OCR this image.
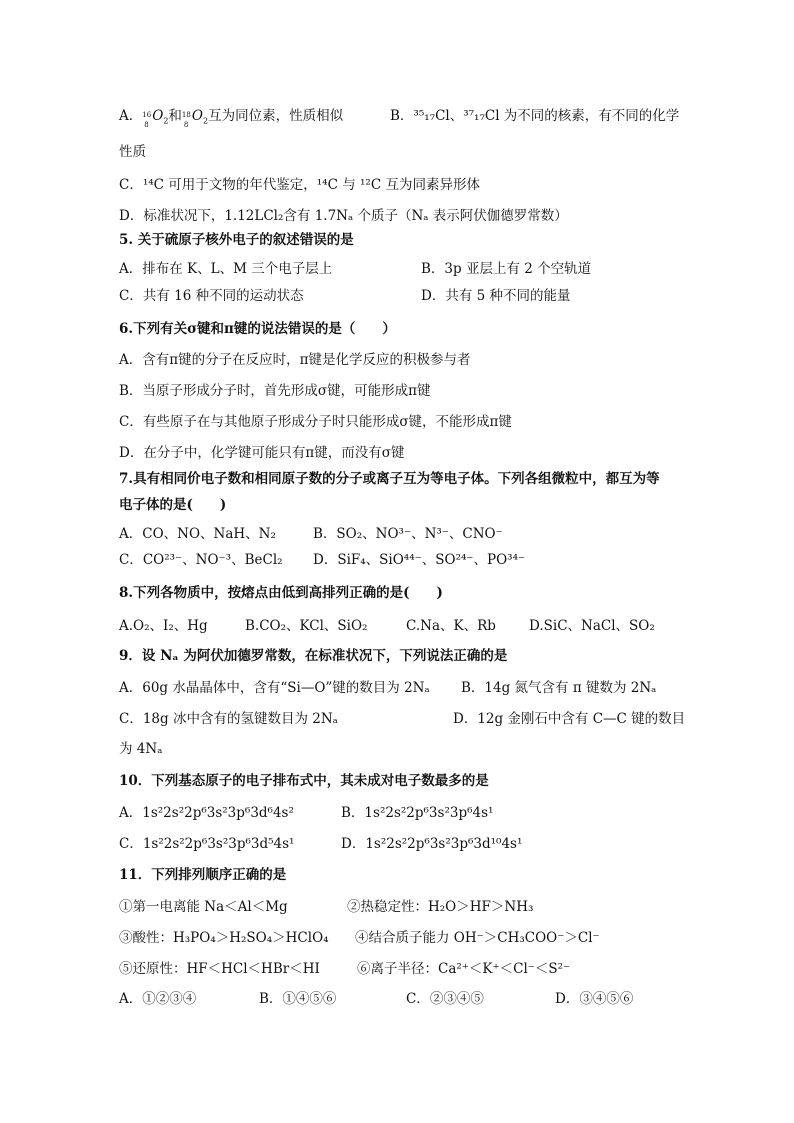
A． 16
8
$O_2$和 18
8
$O_2$互为同位素，性质相似	B．³⁵₁₇Cl、³⁷₁₇Cl 为不同的核素，有不同的化学
性质
C．¹⁴C 可用于文物的年代鉴定，¹⁴C 与 ¹²C 互为同素异形体
D．标准状况下，1.12LCl₂含有 1.7Nₐ 个质子（Nₐ 表示阿伏伽德罗常数）
5. 关于硫原子核外电子的叙述错误的是
A．排布在 K、L、M 三个电子层上	B．3p 亚层上有 2 个空轨道
C．共有 16 种不同的运动状态	D．共有 5 种不同的能量
6.下列有关σ键和π键的说法错误的是（　　）
A．含有π键的分子在反应时，π键是化学反应的积极参与者
B．当原子形成分子时，首先形成σ键，可能形成π键
C．有些原子在与其他原子形成分子时只能形成σ键，不能形成π键
D．在分子中，化学键可能只有π键，而没有σ键
7.具有相同价电子数和相同原子数的分子或离子互为等电子体。下列各组微粒中，都互为等
电子体的是(　　)
A．CO、NO、NaH、N₂	B．SO₂、NO³⁻、N³⁻、CNO⁻
C．CO²³⁻、NO⁻³、BeCl₂ D．SiF₄、SiO⁴⁴⁻、SO²⁴⁻、PO³⁴⁻
8.下列各物质中，按熔点由低到高排列正确的是(　　)
A.O₂、I₂、Hg	B.CO₂、KCl、SiO₂	C.Na、K、Rb D.SiC、NaCl、SO₂
9．设 Nₐ 为阿伏加德罗常数，在标准状况下，下列说法正确的是
A．60g 水晶晶体中，含有“Si—O”键的数目为 2Nₐ B．14g 氮气含有 π 键数为 2Nₐ
C．18g 冰中含有的氢键数目为 2Nₐ	D．12g 金刚石中含有 C—C 键的数目
为 4Nₐ
10．下列基态原子的电子排布式中，其未成对电子数最多的是
A．1s²2s²2p⁶3s²3p⁶3d⁶4s²	B．1s²2s²2p⁶3s²3p⁶4s¹
C．1s²2s²2p⁶3s²3p⁶3d⁵4s¹	D．1s²2s²2p⁶3s²3p⁶3d¹⁰4s¹
11．下列排列顺序正确的是
①第一电离能 Na＜Al＜Mg	②热稳定性：H₂O＞HF＞NH₃
③酸性：H₃PO₄＞H₂SO₄＞HClO₄ ④结合质子能力 OH⁻＞CH₃COO⁻＞Cl⁻
⑤还原性：HF＜HCl＜HBr＜HI	⑥离子半径：Ca²⁺＜K⁺＜Cl⁻＜S²⁻
A．①②③④	B．①④⑤⑥	C．②③④⑤	D．③④⑤⑥
